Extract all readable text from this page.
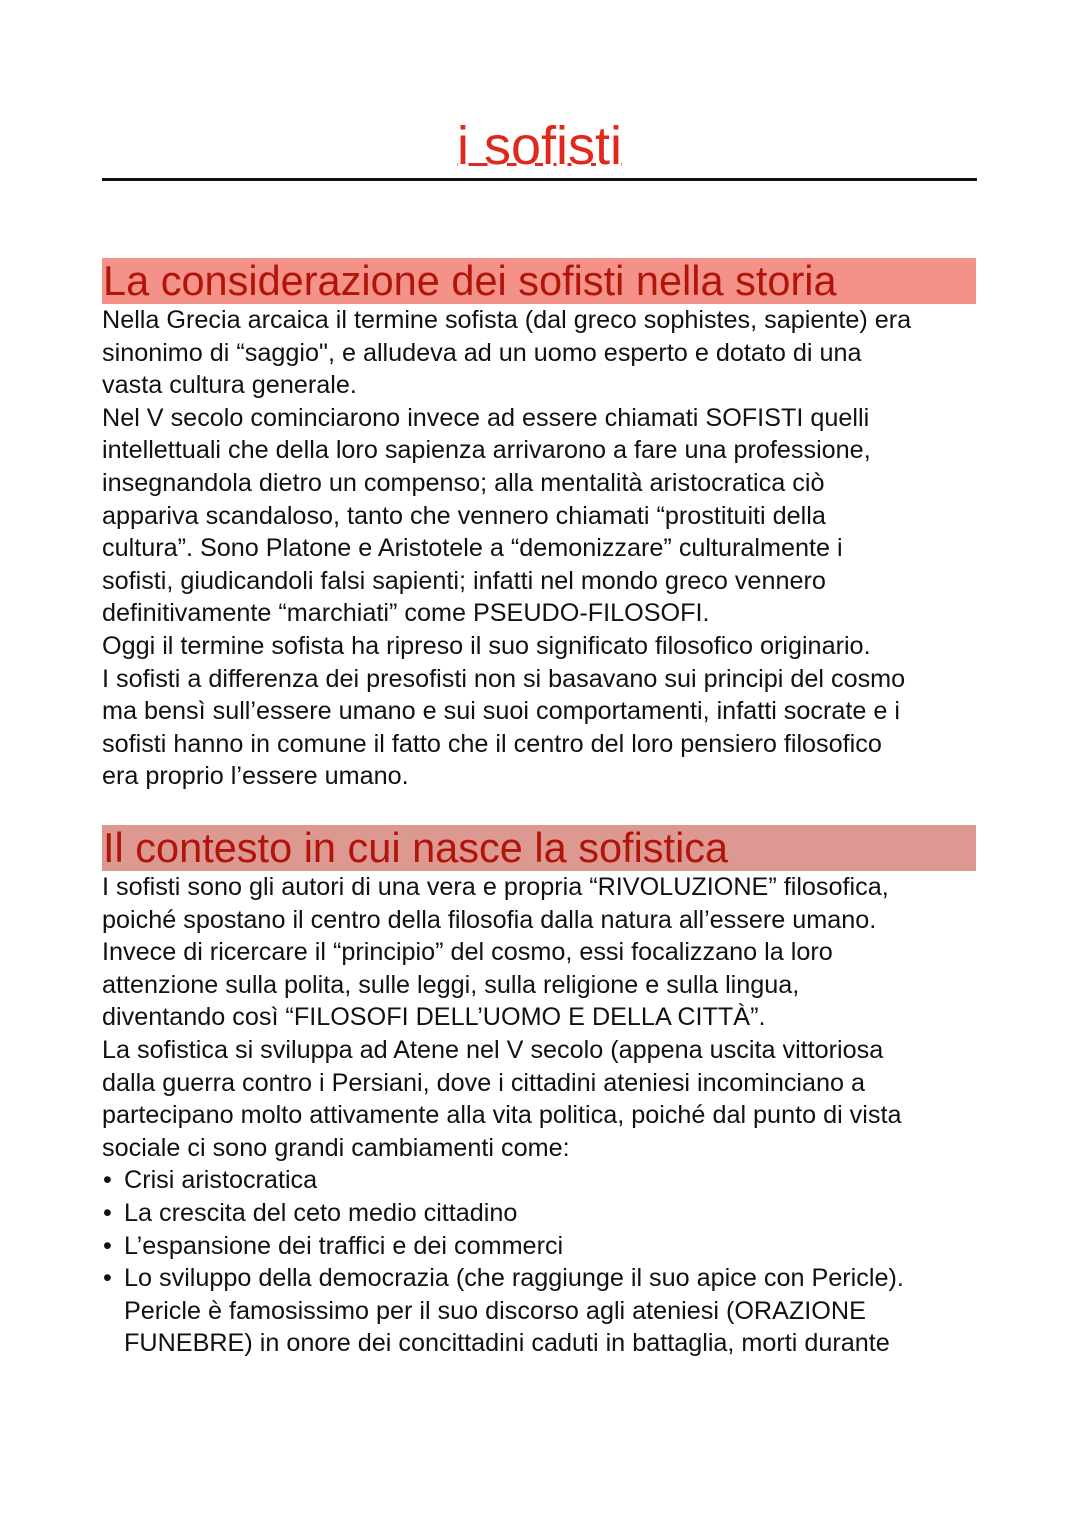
i sofisti
La considerazione dei sofisti nella storia

Nella Grecia arcaica il termine sofista (dal greco sophistes, sapiente) era

sinonimo di “saggio", e alludeva ad un uomo esperto e dotato di una

vasta cultura generale.

Nel V secolo cominciarono invece ad essere chiamati SOFISTI quelli

intellettuali che della loro sapienza arrivarono a fare una professione,

insegnandola dietro un compenso; alla mentalità aristocratica ciò

appariva scandaloso, tanto che vennero chiamati “prostituiti della

cultura”. Sono Platone e Aristotele a “demonizzare” culturalmente i

sofisti, giudicandoli falsi sapienti; infatti nel mondo greco vennero

definitivamente “marchiati” come PSEUDO-FILOSOFI.

Oggi il termine sofista ha ripreso il suo significato filosofico originario.

I sofisti a differenza dei presofisti non si basavano sui principi del cosmo

ma bensì sull’essere umano e sui suoi comportamenti, infatti socrate e i

sofisti hanno in comune il fatto che il centro del loro pensiero filosofico

era proprio l’essere umano.

Il contesto in cui nasce la sofistica

I sofisti sono gli autori di una vera e propria “RIVOLUZIONE” filosofica,

poiché spostano il centro della filosofia dalla natura all’essere umano.

Invece di ricercare il “principio” del cosmo, essi focalizzano la loro

attenzione sulla polita, sulle leggi, sulla religione e sulla lingua,

diventando così “FILOSOFI DELL’UOMO E DELLA CITTÀ”.

La sofistica si sviluppa ad Atene nel V secolo (appena uscita vittoriosa

dalla guerra contro i Persiani, dove i cittadini ateniesi incominciano a

partecipano molto attivamente alla vita politica, poiché dal punto di vista

sociale ci sono grandi cambiamenti come:

• Crisi aristocratica
• La crescita del ceto medio cittadino
• L’espansione dei traffici e dei commerci
• Lo sviluppo della democrazia (che raggiunge il suo apice con Pericle).
Pericle è famosissimo per il suo discorso agli ateniesi (ORAZIONE
FUNEBRE) in onore dei concittadini caduti in battaglia, morti durante
